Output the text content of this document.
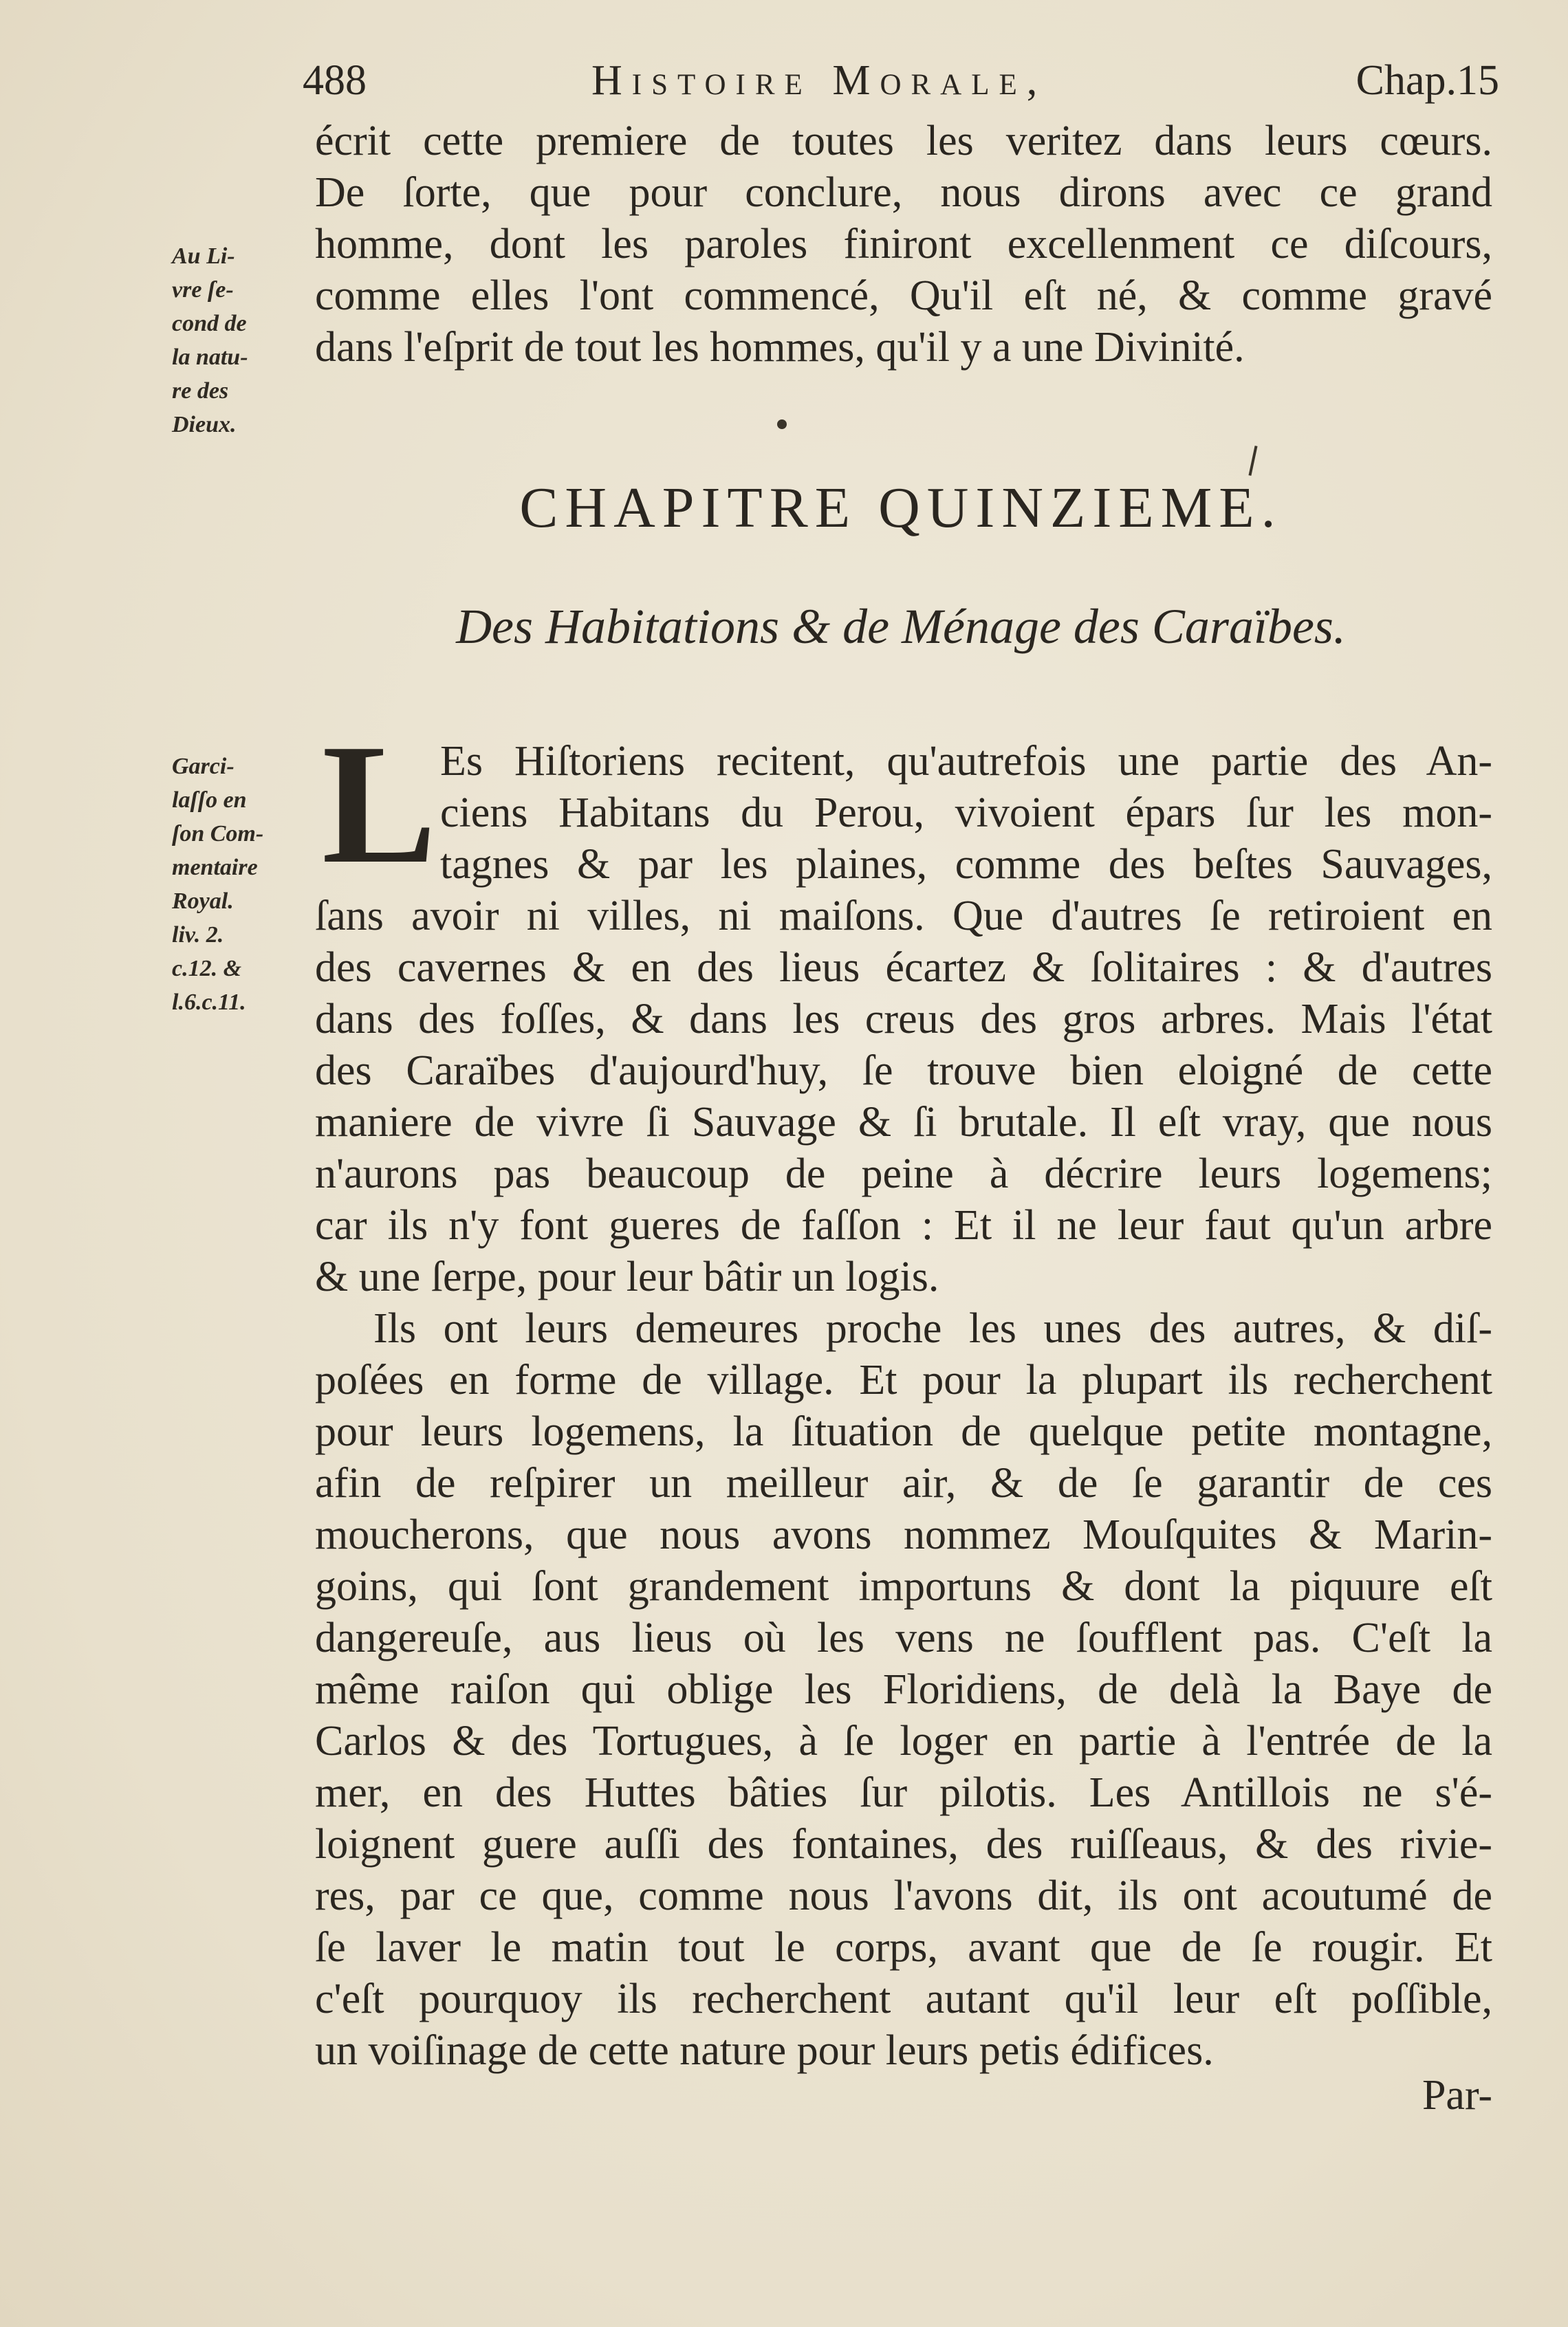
488	Histoire Morale,	Chap.15
écrit cette premiere de toutes les veritez dans leurs cœurs.
De ſorte, que pour conclure, nous dirons avec ce grand
homme, dont les paroles finiront excellenment ce diſcours,
comme elles l'ont commencé, Qu'il eſt né, & comme gravé
dans l'eſprit de tout les hommes, qu'il y a une Divinité.
Au Li-
vre ſe-
cond de
la natu-
re des
Dieux.
CHAPITRE QUINZIEME.
Des Habitations & de Ménage des Caraïbes.
Garci-
laſſo en
ſon Com-
mentaire
Royal.
liv. 2.
c.12. &
l.6.c.11.
L Es Hiſtoriens recitent, qu'autrefois une partie des An-
ciens Habitans du Perou, vivoient épars ſur les mon-
tagnes & par les plaines, comme des beſtes Sauvages,
ſans avoir ni villes, ni maiſons. Que d'autres ſe retiroient en
des cavernes & en des lieus écartez & ſolitaires : & d'autres
dans des foſſes, & dans les creus des gros arbres. Mais l'état
des Caraïbes d'aujourd'huy, ſe trouve bien eloigné de cette
maniere de vivre ſi Sauvage & ſi brutale. Il eſt vray, que nous
n'aurons pas beaucoup de peine à décrire leurs logemens;
car ils n'y font gueres de faſſon : Et il ne leur faut qu'un arbre
& une ſerpe, pour leur bâtir un logis.
Ils ont leurs demeures proche les unes des autres, & diſ-
poſées en forme de village. Et pour la plupart ils recherchent
pour leurs logemens, la ſituation de quelque petite montagne,
afin de reſpirer un meilleur air, & de ſe garantir de ces
moucherons, que nous avons nommez Mouſquites & Marin-
goins, qui ſont grandement importuns & dont la piquure eſt
dangereuſe, aus lieus où les vens ne ſoufflent pas. C'eſt la
même raiſon qui oblige les Floridiens, de delà la Baye de
Carlos & des Tortugues, à ſe loger en partie à l'entrée de la
mer, en des Huttes bâties ſur pilotis. Les Antillois ne s'é-
loignent guere auſſi des fontaines, des ruiſſeaus, & des rivie-
res, par ce que, comme nous l'avons dit, ils ont acoutumé de
ſe laver le matin tout le corps, avant que de ſe rougir. Et
c'eſt pourquoy ils recherchent autant qu'il leur eſt poſſible,
un voiſinage de cette nature pour leurs petis édifices.
Par-
